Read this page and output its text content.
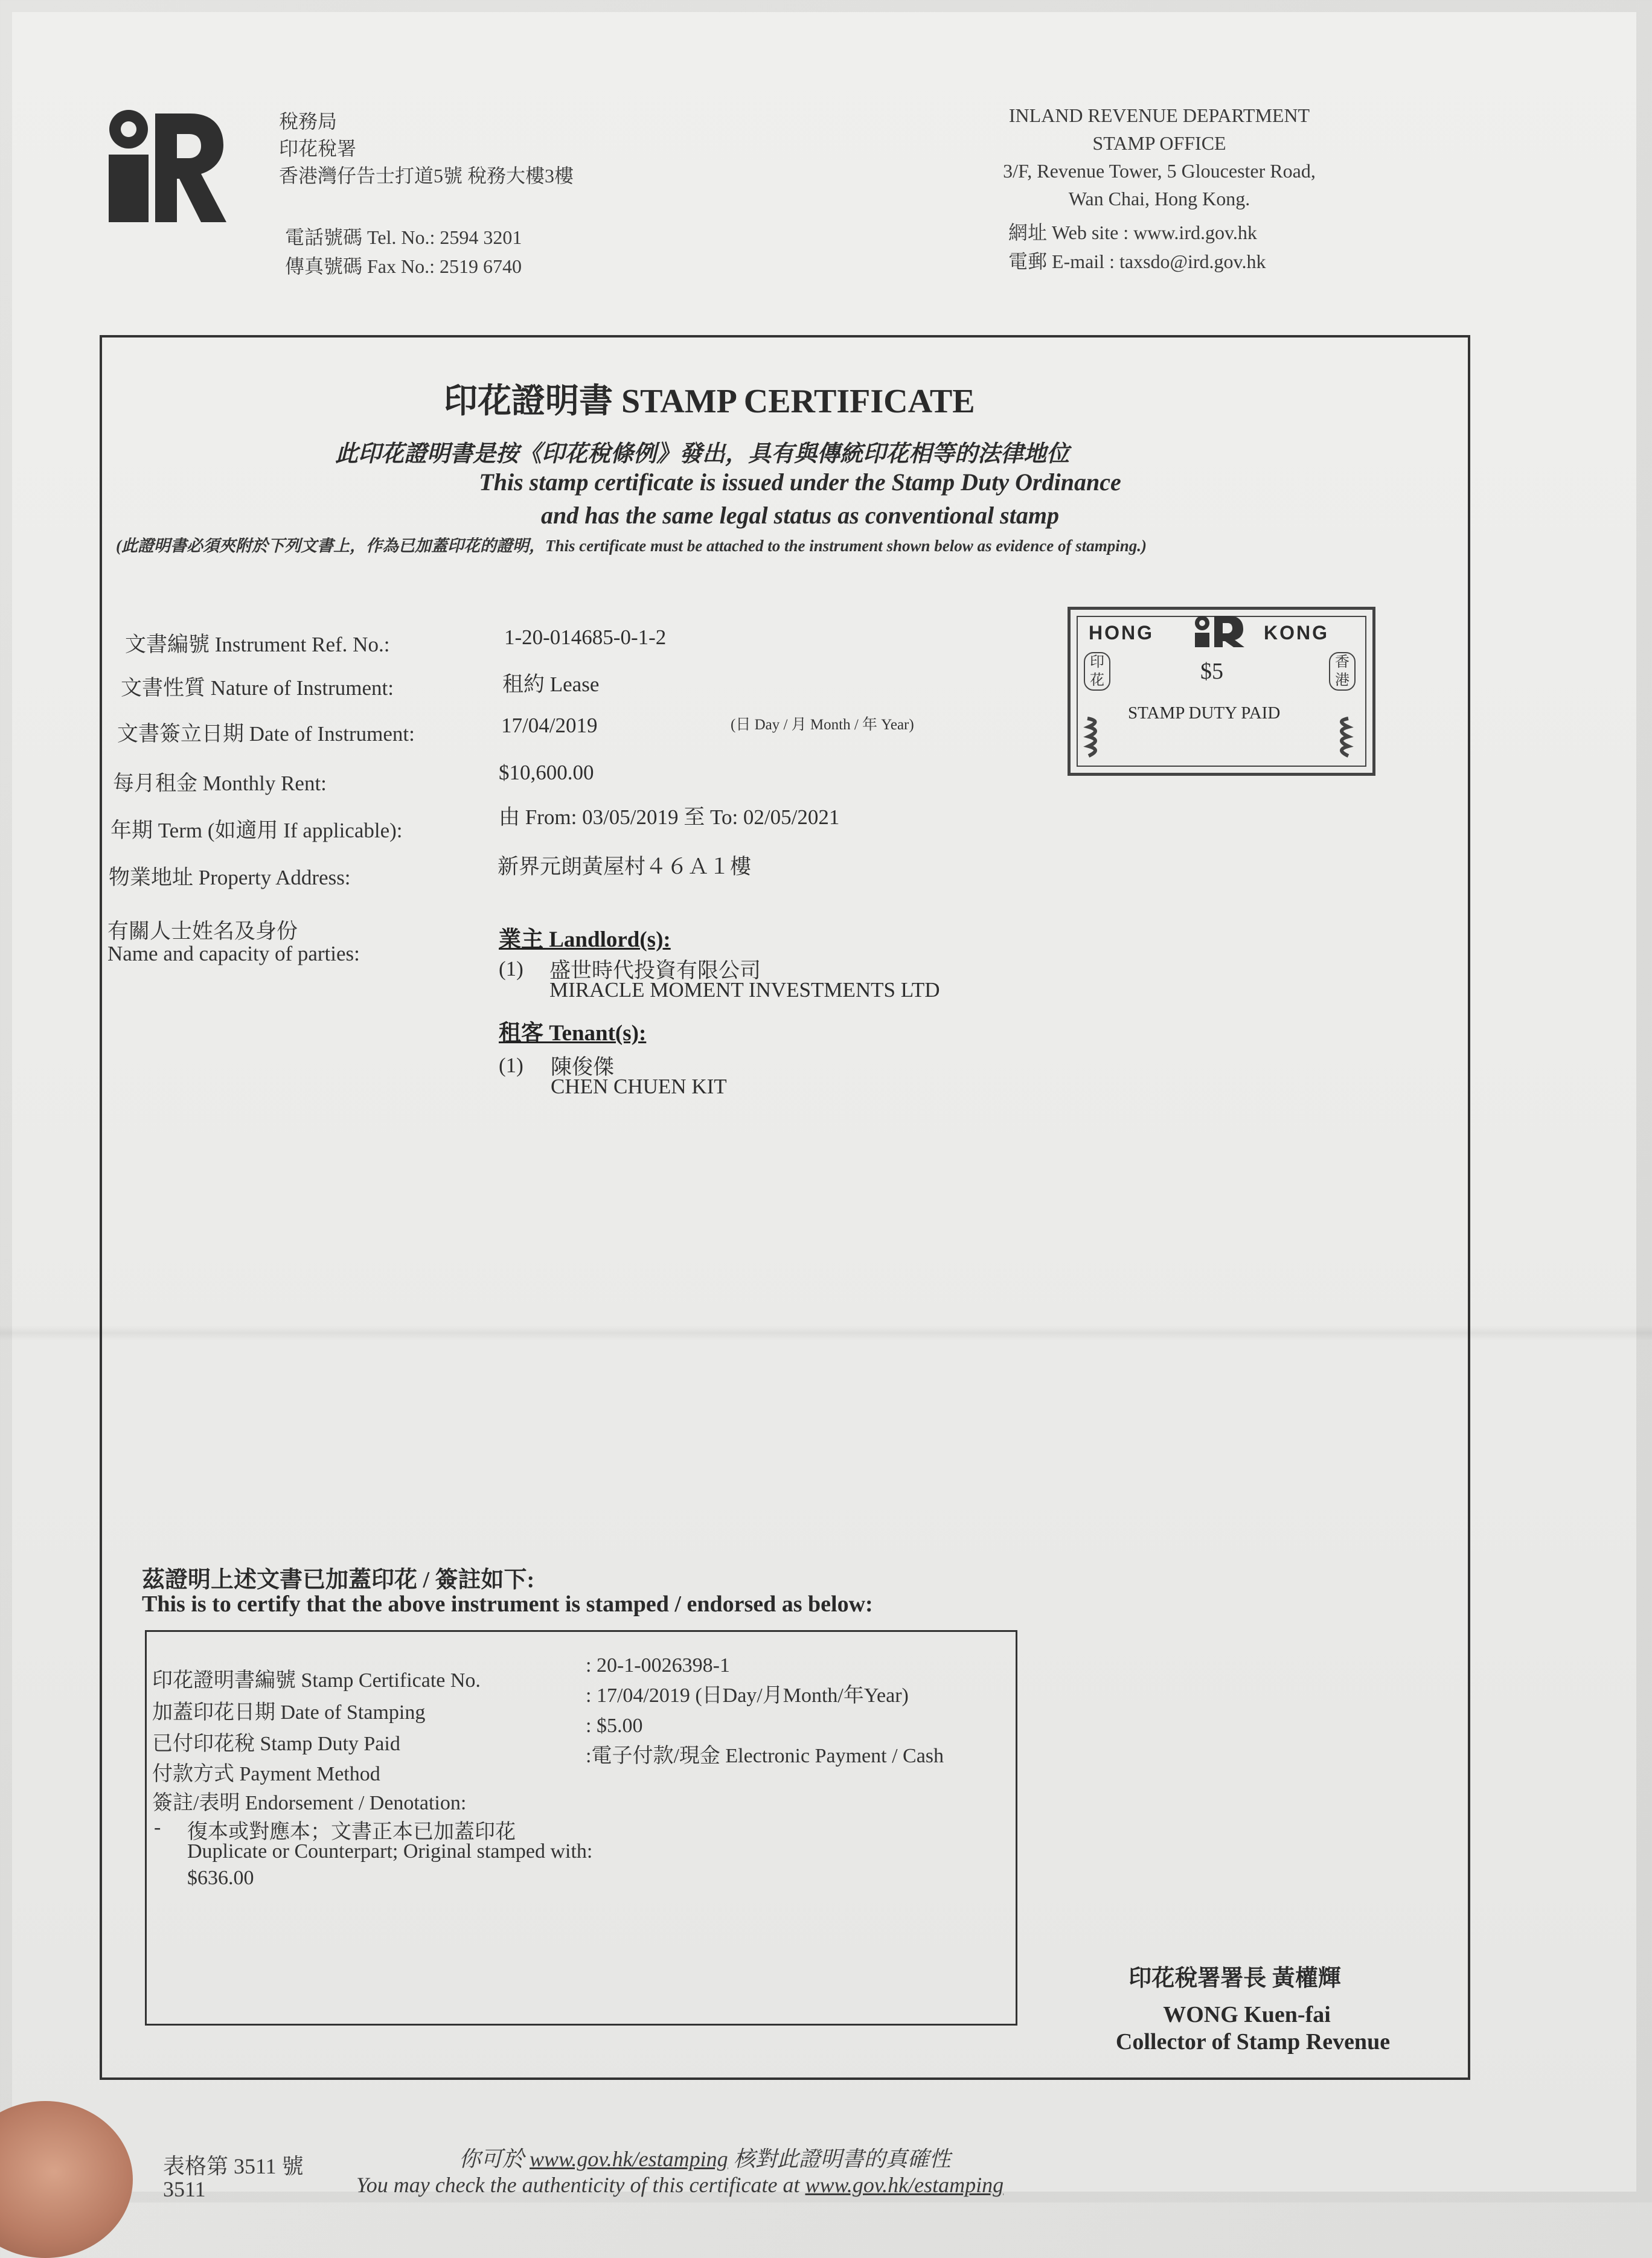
稅務局
印花稅署
香港灣仔告士打道5號 稅務大樓3樓
INLAND REVENUE DEPARTMENT
STAMP OFFICE
3/F, Revenue Tower, 5 Gloucester Road,
Wan Chai, Hong Kong.
電話號碼 Tel. No.: 2594 3201
傳真號碼 Fax No.: 2519 6740
網址 Web site : www.ird.gov.hk
電郵 E-mail : taxsdo@ird.gov.hk
印花證明書 STAMP CERTIFICATE
此印花證明書是按《印花稅條例》發出，具有與傳統印花相等的法律地位
This stamp certificate is issued under the Stamp Duty Ordinance
and has the same legal status as conventional stamp
(此證明書必須夾附於下列文書上，作為已加蓋印花的證明，This certificate must be attached to the instrument shown below as evidence of stamping.)
文書編號 Instrument Ref. No.:	1-20-014685-0-1-2
文書性質 Nature of Instrument:	租約 Lease
文書簽立日期 Date of Instrument:	17/04/2019	(日 Day / 月 Month / 年 Year)
每月租金 Monthly Rent:	$10,600.00
年期 Term (如適用 If applicable):
由 From: 03/05/2019 至 To: 02/05/2021
物業地址 Property Address:	新界元朗黃屋村４６Ａ１樓
有關人士姓名及身份
Name and capacity of parties:
業主 Landlord(s):
(1) 盛世時代投資有限公司
MIRACLE MOMENT INVESTMENTS LTD
租客 Tenant(s):
(1) 陳俊傑
CHEN CHUEN KIT
HONG	KONG
$5
STAMP DUTY PAID
印花
香港
茲證明上述文書已加蓋印花 / 簽註如下:
This is to certify that the above instrument is stamped / endorsed as below:
印花證明書編號 Stamp Certificate No.
: 20-1-0026398-1
加蓋印花日期 Date of Stamping
: 17/04/2019 (日Day/月Month/年Year)
已付印花稅 Stamp Duty Paid
: $5.00
付款方式 Payment Method
:電子付款/現金 Electronic Payment / Cash
簽註/表明 Endorsement / Denotation:
- 復本或對應本；文書正本已加蓋印花
Duplicate or Counterpart; Original stamped with:
$636.00
印花稅署署長 黃權輝
WONG Kuen-fai
Collector of Stamp Revenue
表格第 3511 號
3511
你可於 www.gov.hk/estamping 核對此證明書的真確性
You may check the authenticity of this certificate at www.gov.hk/estamping
